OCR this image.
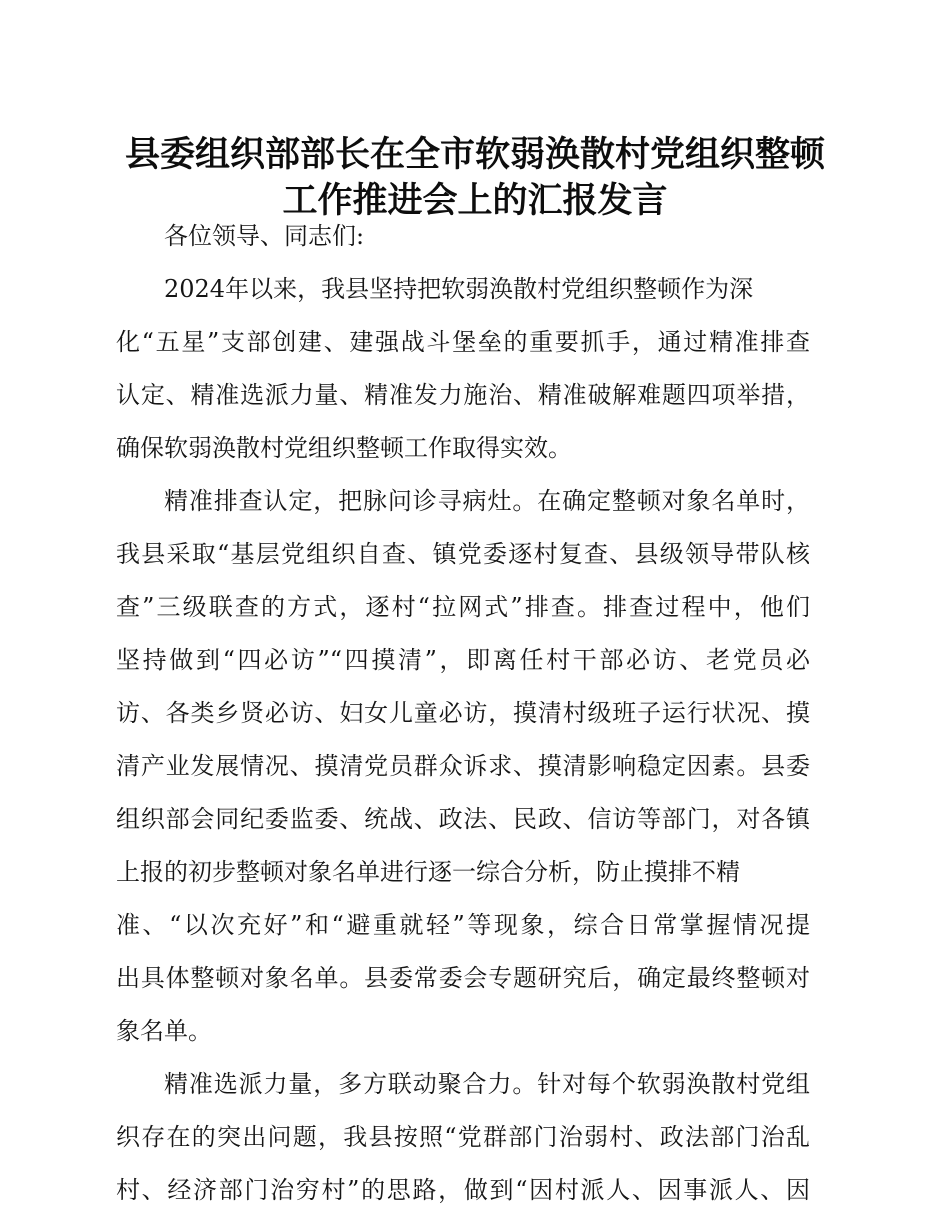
县委组织部部长在全市软弱涣散村党组织整顿
工作推进会上的汇报发言
各位领导、同志们:
2024年以来，我县坚持把软弱涣散村党组织整顿作为深
化“五星”支部创建、建强战斗堡垒的重要抓手，通过精准排查
认定、精准选派力量、精准发力施治、精准破解难题四项举措，
确保软弱涣散村党组织整顿工作取得实效。
精准排查认定，把脉问诊寻病灶。在确定整顿对象名单时，
我县采取“基层党组织自查、镇党委逐村复查、县级领导带队核
查”三级联查的方式，逐村“拉网式”排查。排查过程中，他们
坚持做到“四必访”“四摸清”，即离任村干部必访、老党员必
访、各类乡贤必访、妇女儿童必访，摸清村级班子运行状况、摸
清产业发展情况、摸清党员群众诉求、摸清影响稳定因素。县委
组织部会同纪委监委、统战、政法、民政、信访等部门，对各镇
上报的初步整顿对象名单进行逐一综合分析，防止摸排不精
准、“以次充好”和“避重就轻”等现象，综合日常掌握情况提
出具体整顿对象名单。县委常委会专题研究后，确定最终整顿对
象名单。
精准选派力量，多方联动聚合力。针对每个软弱涣散村党组
织存在的突出问题，我县按照“党群部门治弱村、政法部门治乱
村、经济部门治穷村”的思路，做到“因村派人、因事派人、因
